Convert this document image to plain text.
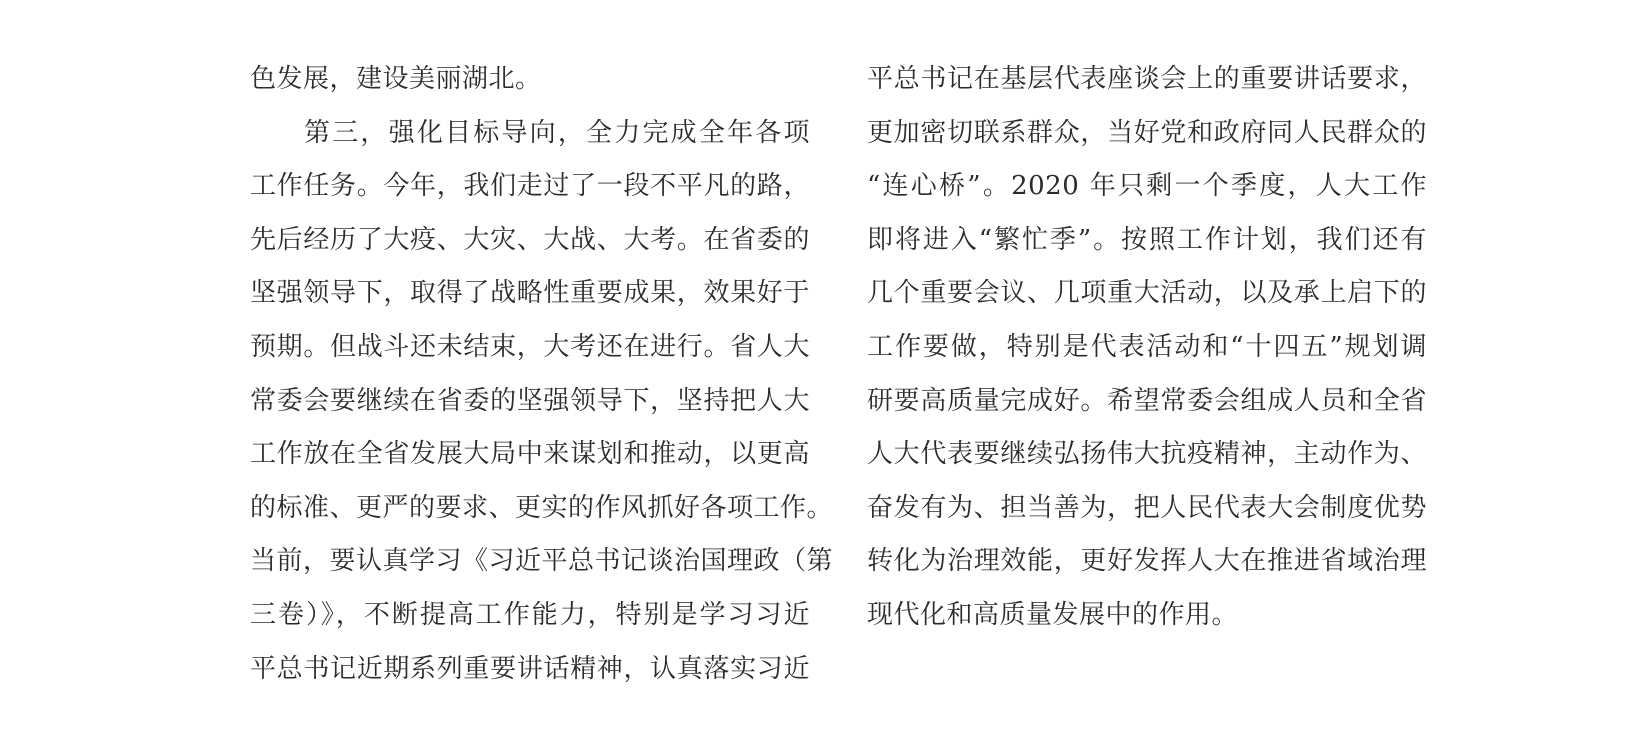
色发展，建设美丽湖北。
第三，强化目标导向，全力完成全年各项
工作任务。今年，我们走过了一段不平凡的路，
先后经历了大疫、大灾、大战、大考。在省委的
坚强领导下，取得了战略性重要成果，效果好于
预期。但战斗还未结束，大考还在进行。省人大
常委会要继续在省委的坚强领导下，坚持把人大
工作放在全省发展大局中来谋划和推动，以更高
的标准、更严的要求、更实的作风抓好各项工作。
当前，要认真学习《习近平总书记谈治国理政（第
三卷）》，不断提高工作能力，特别是学习习近
平总书记近期系列重要讲话精神，认真落实习近
平总书记在基层代表座谈会上的重要讲话要求，
更加密切联系群众，当好党和政府同人民群众的
“连心桥”。2020 年只剩一个季度，人大工作
即将进入“繁忙季”。按照工作计划，我们还有
几个重要会议、几项重大活动，以及承上启下的
工作要做，特别是代表活动和“十四五”规划调
研要高质量完成好。希望常委会组成人员和全省
人大代表要继续弘扬伟大抗疫精神，主动作为、
奋发有为、担当善为，把人民代表大会制度优势
转化为治理效能，更好发挥人大在推进省域治理
现代化和高质量发展中的作用。
